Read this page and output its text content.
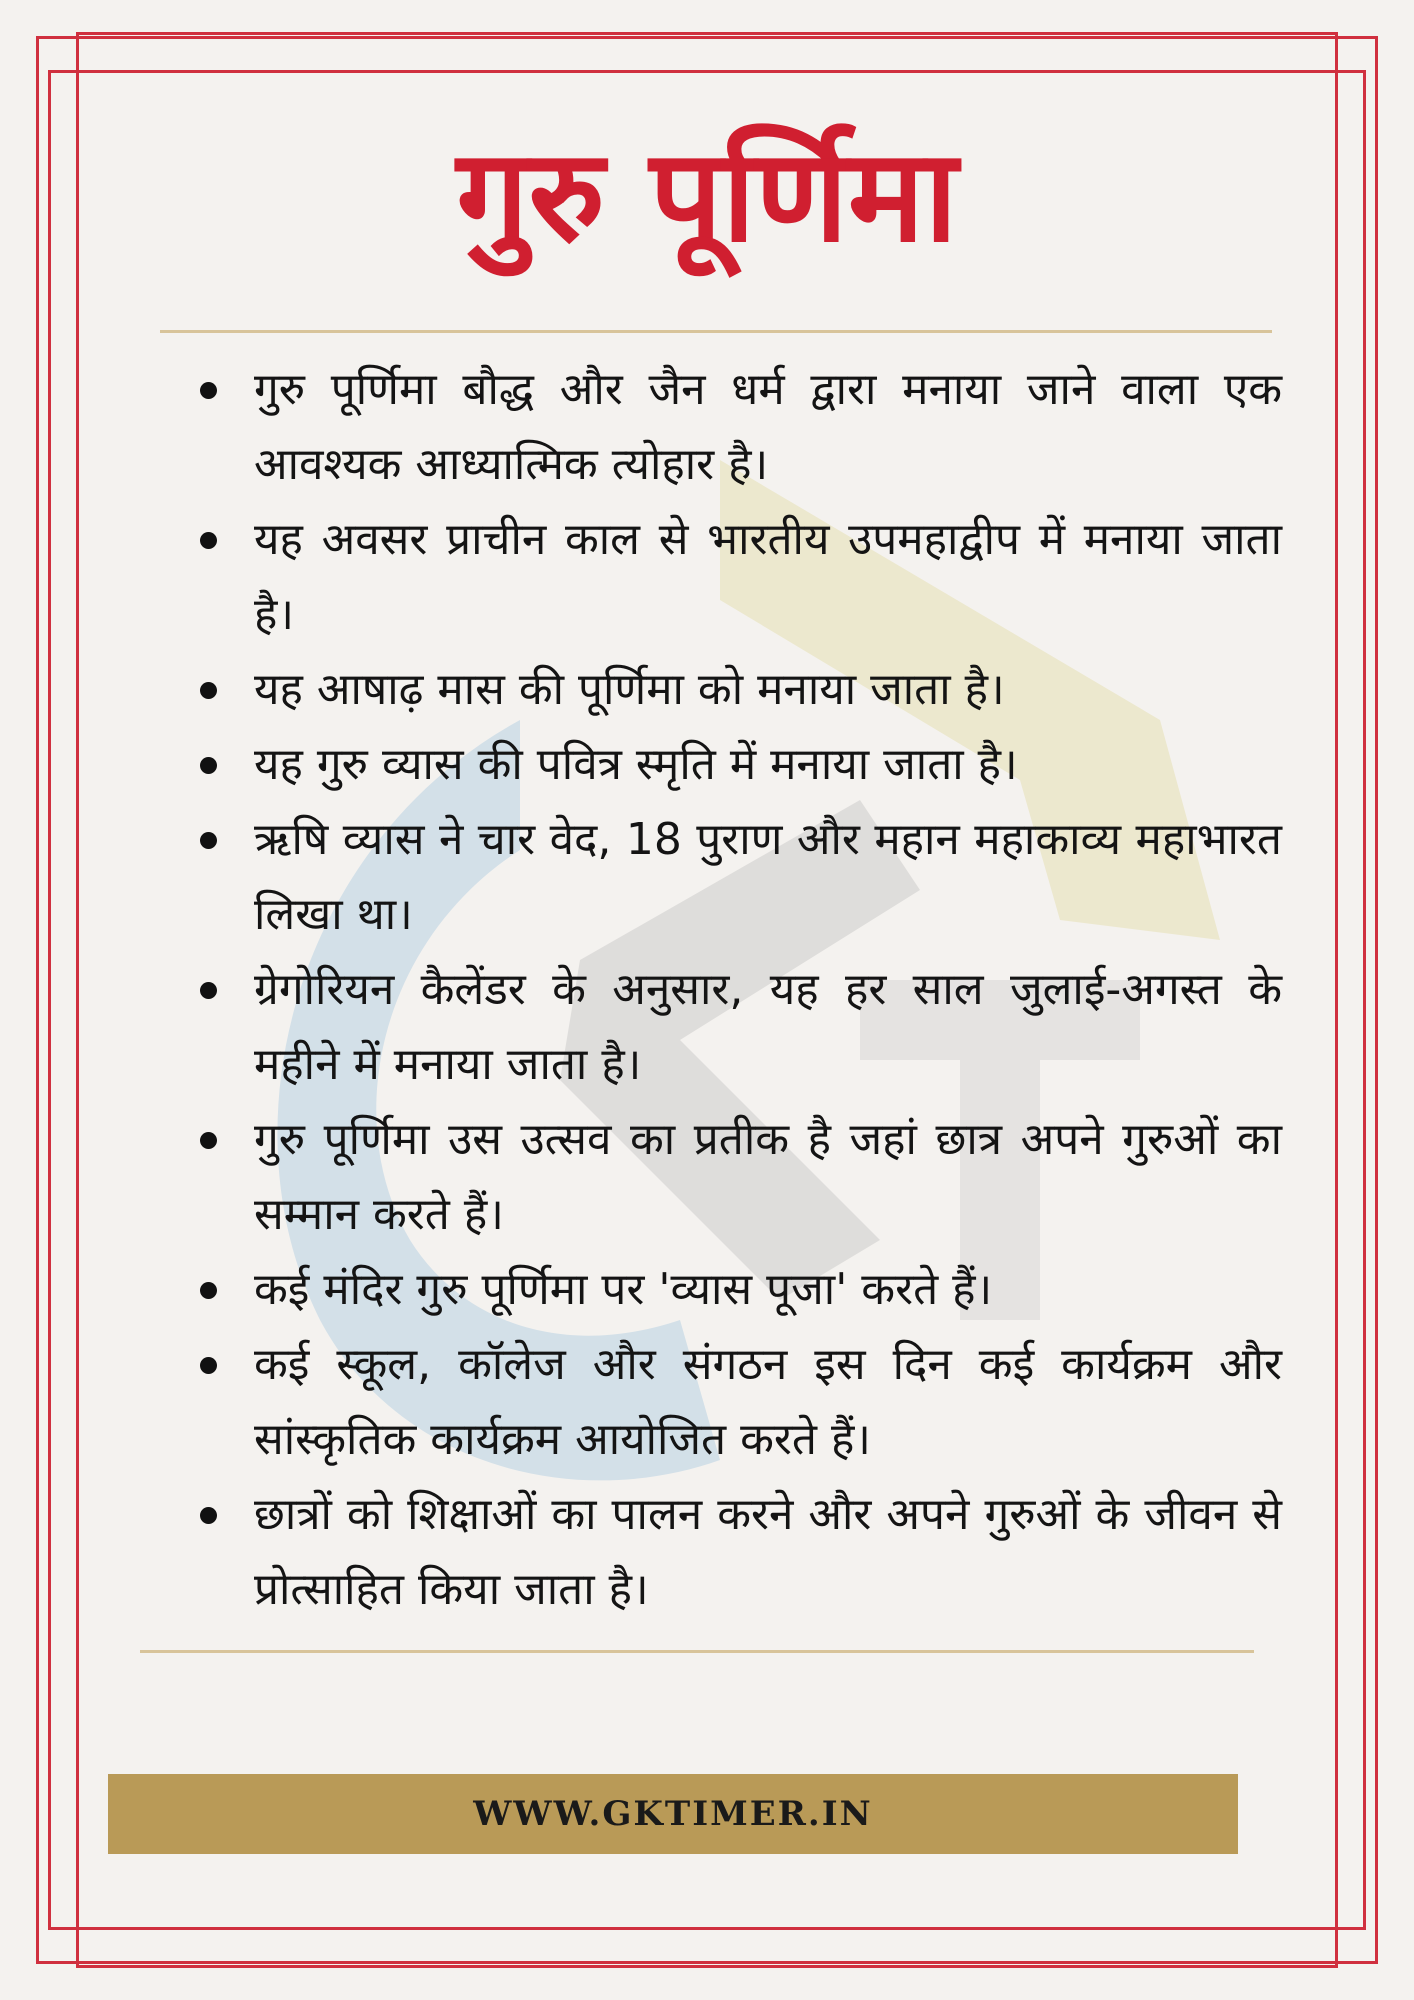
गुरु पूर्णिमा
गुरु पूर्णिमा बौद्ध और जैन धर्म द्वारा मनाया जाने वाला एक आवश्यक आध्यात्मिक त्योहार है।
यह अवसर प्राचीन काल से भारतीय उपमहाद्वीप में मनाया जाता है।
यह आषाढ़ मास की पूर्णिमा को मनाया जाता है।
यह गुरु व्यास की पवित्र स्मृति में मनाया जाता है।
ऋषि व्यास ने चार वेद, 18 पुराण और महान महाकाव्य महाभारत लिखा था।
ग्रेगोरियन कैलेंडर के अनुसार, यह हर साल जुलाई-अगस्त के महीने में मनाया जाता है।
गुरु पूर्णिमा उस उत्सव का प्रतीक है जहां छात्र अपने गुरुओं का सम्मान करते हैं।
कई मंदिर गुरु पूर्णिमा पर 'व्यास पूजा' करते हैं।
कई स्कूल, कॉलेज और संगठन इस दिन कई कार्यक्रम और सांस्कृतिक कार्यक्रम आयोजित करते हैं।
छात्रों को शिक्षाओं का पालन करने और अपने गुरुओं के जीवन से प्रोत्साहित किया जाता है।
WWW.GKTIMER.IN
